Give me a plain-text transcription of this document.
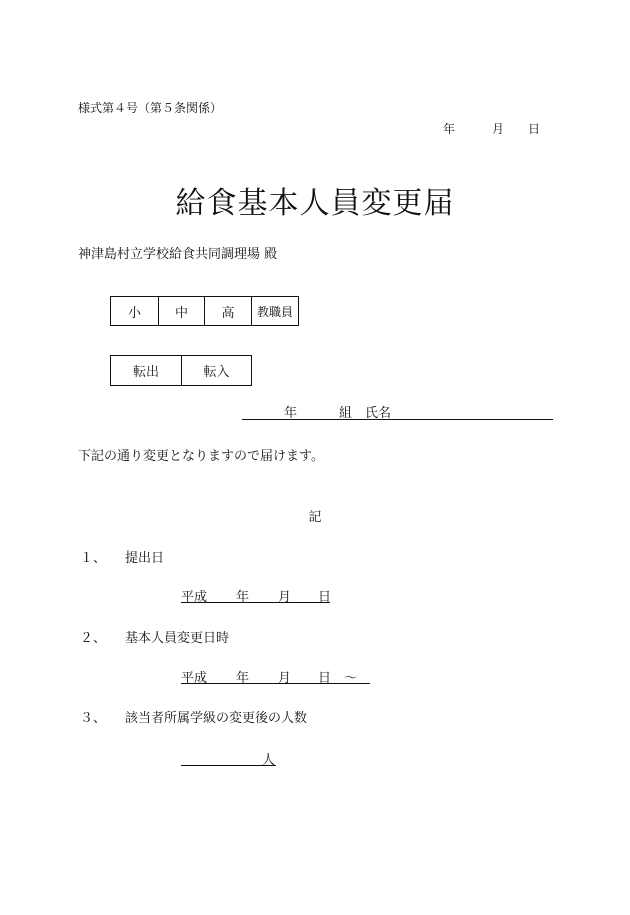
様式第４号（第５条関係）
年	月 日
給食基本人員変更届
神津島村立学校給食共同調理場 殿
小	中	高	教職員
転出	転入
年	組 氏名
下記の通り変更となりますので届けます。
記
１、 提出日
平成 年 月 日
２、 基本人員変更日時
平成 年 月 日 ～
３、 該当者所属学級の変更後の人数
人
